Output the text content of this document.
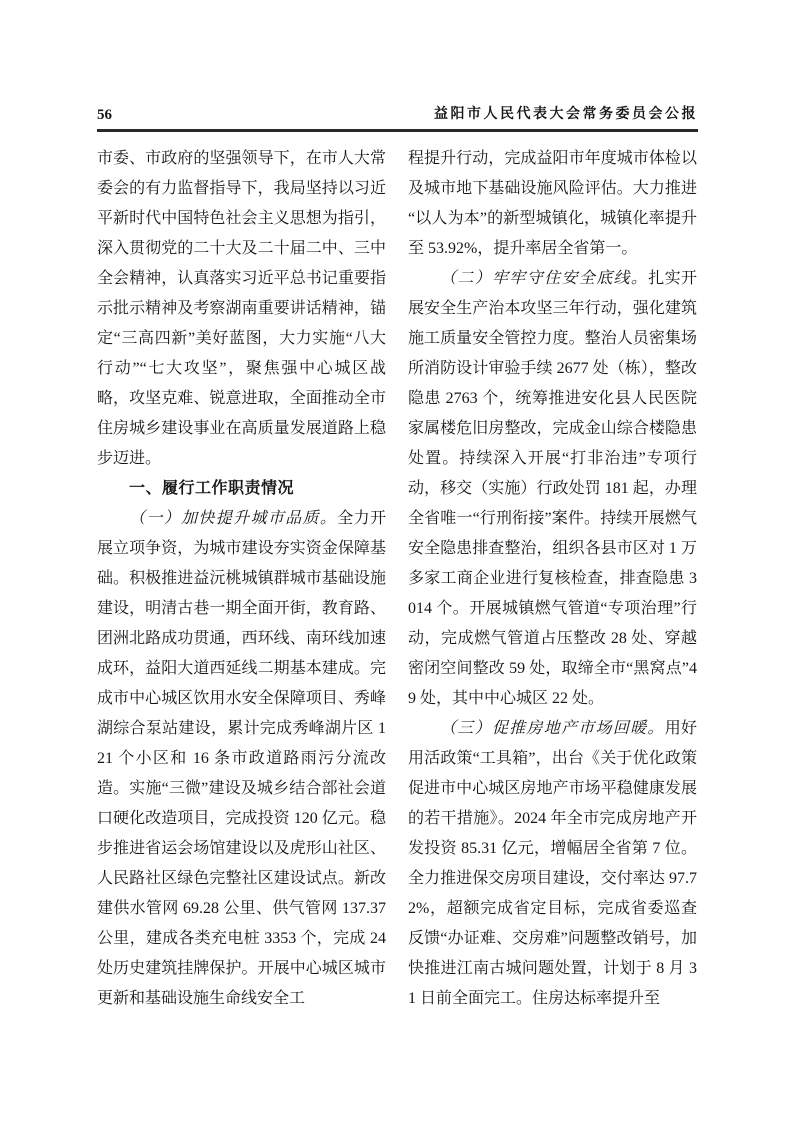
56	益阳市人民代表大会常务委员会公报

市委、市政府的坚强领导下，在市人大常委会的有力监督指导下，我局坚持以习近平新时代中国特色社会主义思想为指引，深入贯彻党的二十大及二十届二中、三中全会精神，认真落实习近平总书记重要指示批示精神及考察湖南重要讲话精神，锚定“三高四新”美好蓝图，大力实施“八大行动”“七大攻坚”，聚焦强中心城区战略，攻坚克难、锐意进取，全面推动全市住房城乡建设事业在高质量发展道路上稳步迈进。

一、履行工作职责情况

（一）加快提升城市品质。全力开展立项争资，为城市建设夯实资金保障基础。积极推进益沅桃城镇群城市基础设施建设，明清古巷一期全面开街，教育路、团洲北路成功贯通，西环线、南环线加速成环，益阳大道西延线二期基本建成。完成市中心城区饮用水安全保障项目、秀峰湖综合泵站建设，累计完成秀峰湖片区 121 个小区和 16 条市政道路雨污分流改造。实施“三微”建设及城乡结合部社会道口硬化改造项目，完成投资 120 亿元。稳步推进省运会场馆建设以及虎形山社区、人民路社区绿色完整社区建设试点。新改建供水管网 69.28 公里、供气管网 137.37 公里，建成各类充电桩 3353 个，完成 24 处历史建筑挂牌保护。开展中心城区城市更新和基础设施生命线安全工

程提升行动，完成益阳市年度城市体检以及城市地下基础设施风险评估。大力推进“以人为本”的新型城镇化，城镇化率提升至 53.92%，提升率居全省第一。

（二）牢牢守住安全底线。扎实开展安全生产治本攻坚三年行动，强化建筑施工质量安全管控力度。整治人员密集场所消防设计审验手续 2677 处（栋），整改隐患 2763 个，统筹推进安化县人民医院家属楼危旧房整改，完成金山综合楼隐患处置。持续深入开展“打非治违”专项行动，移交（实施）行政处罚 181 起，办理全省唯一“行刑衔接”案件。持续开展燃气安全隐患排查整治，组织各县市区对 1 万多家工商企业进行复核检查，排查隐患 3014 个。开展城镇燃气管道“专项治理”行动，完成燃气管道占压整改 28 处、穿越密闭空间整改 59 处，取缔全市“黑窝点”49 处，其中中心城区 22 处。

（三）促推房地产市场回暖。用好用活政策“工具箱”，出台《关于优化政策促进市中心城区房地产市场平稳健康发展的若干措施》。2024 年全市完成房地产开发投资 85.31 亿元，增幅居全省第 7 位。全力推进保交房项目建设，交付率达 97.72%，超额完成省定目标，完成省委巡查反馈“办证难、交房难”问题整改销号，加快推进江南古城问题处置，计划于 8 月 31 日前全面完工。住房达标率提升至
